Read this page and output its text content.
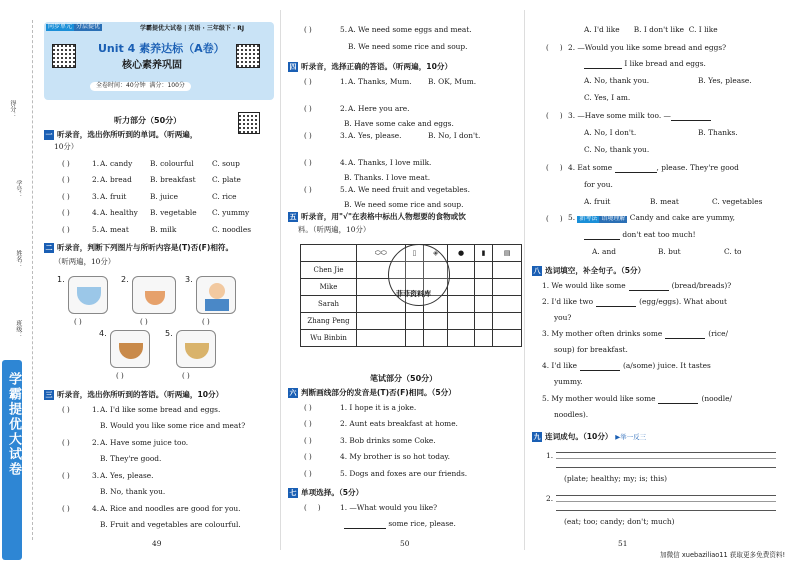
学霸提优大试卷
得分：
学号：
班级：
姓名：
同步单元 分层提优	学霸提优大试卷 | 英语 · 三年级下 · RJ
Unit 4 素养达标（A卷）
核心素养巩固
全卷时间：40分钟 满分：100分
听力部分（50分）
一 听录音，选出你所听到的单词。（听两遍，
10分）
( )	1. A. candy B. colourful C. soup
( )	2. A. bread B. breakfast C. plate
( )	3. A. fruit	B. juice	C. rice
( )	4. A. healthy B. vegetable C. yummy
( )	5. A. meat	B. milk	C. noodles
二 听录音，判断下列图片与所听内容是(T)否(F)相符。
（听两遍，10分）
1.	2.	3.
4.	5.
( )	( )	( )
( )	( )
三 听录音，选出你所听到的答语。（听两遍，10分）
( )	1. A. I'd like some bread and eggs.
B. Would you like some rice and meat?
( )	2. A. Have some juice too.
B. They're good.
( )	3. A. Yes, please.
B. No, thank you.
( )	4. A. Rice and noodles are good for you.
B. Fruit and vegetables are colourful.
49
( )	5. A. We need some eggs and meat.
B. We need some rice and soup.
四 听录音，选择正确的答语。（听两遍，10分）
( )	1. A. Thanks, Mum. B. OK, Mum.
( )	2. A. Here you are.
B. Have some cake and eggs.
( )	3. A. Yes, please.	B. No, I don't.
( )	4. A. Thanks, I love milk.
B. Thanks. I love meat.
( )	5. A. We need fruit and vegetables.
B. We need some rice and soup.
五 听录音，用"√"在表格中标出人物想要的食物或饮
料。（听两遍，10分）
	⬭⬭	▯	◈	●	▮	▤
Chen Jie						
Mike						
Sarah						
Zhang Peng						
Wu Binbin						
菲菲资料库
笔试部分（50分）
六 判断画线部分的发音是(T)否(F)相同。（5分）
( )	1. I hope it is a joke.
( )	2. Aunt eats breakfast at home.
( )	3. Bob drinks some Coke.
( )	4. My brother is so hot today.
( )	5. Dogs and foxes are our friends.
七 单项选择。（5分）
(     )	1. —What would you like?
some rice, please.
50
A. I'd like      B. I don't like  C. I like
(     ) 2. —Would you like some bread and eggs?
I like bread and eggs.
A. No, thank you.	B. Yes, please.
C. Yes, I am.
(     ) 3. —Have some milk too. —
A. No, I don't.	B. Thanks.
C. No, thank you.
(     ) 4. Eat some	, please. They're good
for you.
A. fruit	B. meat	C. vegetables
(     ) 5. 新考法 语境理解 Candy and cake are yummy,
don't eat too much!
A. and	B. but	C. to
八 选词填空，补全句子。（5分）
1. We would like some	(bread/breads)?
2. I'd like two	(egg/eggs). What about
you?
3. My mother often drinks some	(rice/
soup) for breakfast.
4. I'd like	(a/some) juice. It tastes
yummy.
5. My mother would like some	(noodle/
noodles).
九 连词成句。（10分） ▶举一反三
1.
(plate; healthy; my; is; this)
2.
(eat; too; candy; don't; much)
51
加微信 xuebaziliao11 获取更多免费资料!
